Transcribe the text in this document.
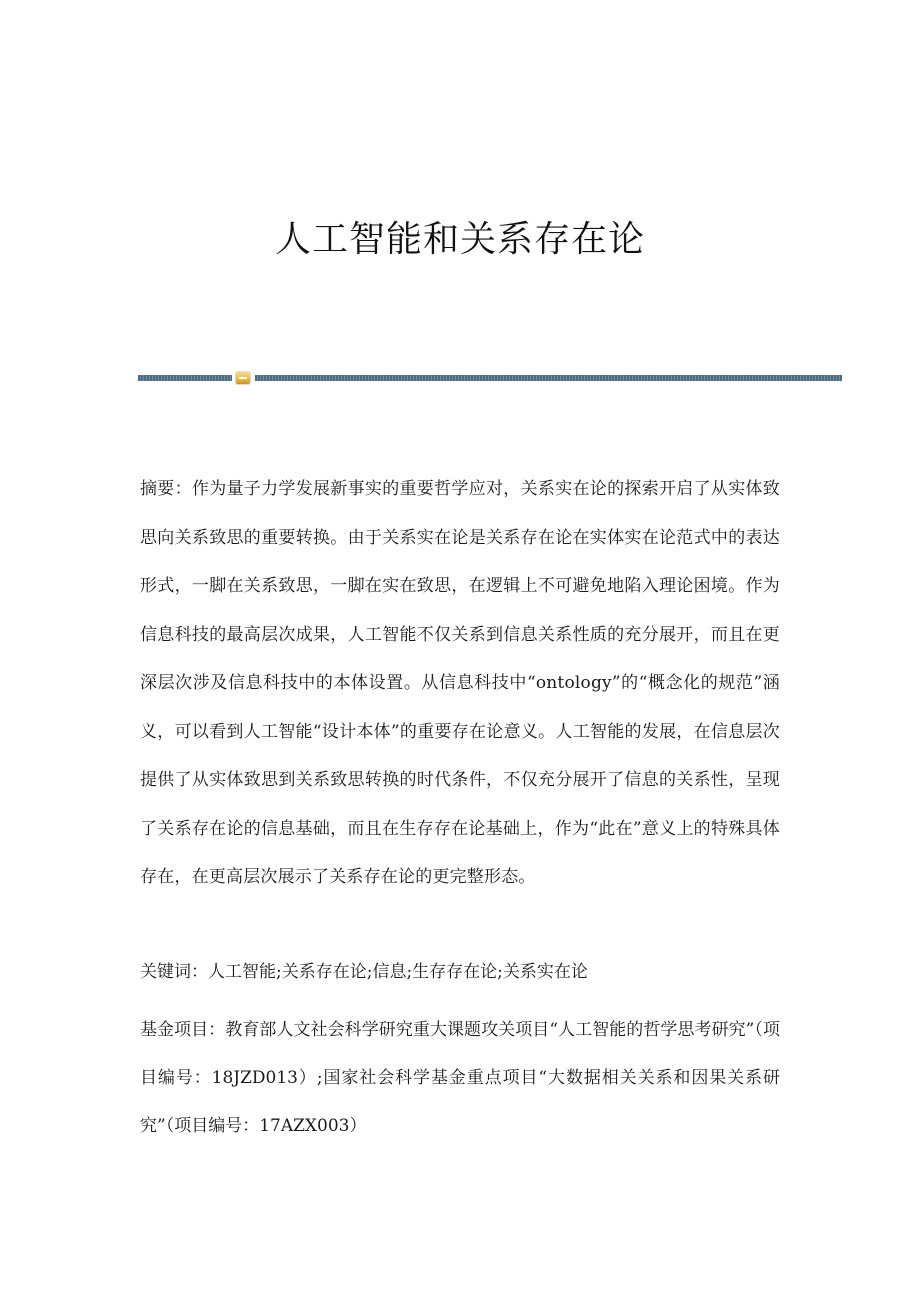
人工智能和关系存在论

摘要：作为量子力学发展新事实的重要哲学应对，关系实在论的探索开启了从实体致思向关系致思的重要转换。由于关系实在论是关系存在论在实体实在论范式中的表达形式，一脚在关系致思，一脚在实在致思，在逻辑上不可避免地陷入理论困境。作为信息科技的最高层次成果，人工智能不仅关系到信息关系性质的充分展开，而且在更深层次涉及信息科技中的本体设置。从信息科技中“ontology”的“概念化的规范”涵义，可以看到人工智能“设计本体”的重要存在论意义。人工智能的发展，在信息层次提供了从实体致思到关系致思转换的时代条件，不仅充分展开了信息的关系性，呈现了关系存在论的信息基础，而且在生存存在论基础上，作为“此在”意义上的特殊具体存在，在更高层次展示了关系存在论的更完整形态。

关键词：人工智能;关系存在论;信息;生存存在论;关系实在论

基金项目：教育部人文社会科学研究重大课题攻关项目“人工智能的哲学思考研究”（项目编号：18JZD013）;国家社会科学基金重点项目“大数据相关关系和因果关系研究”（项目编号：17AZX003）
